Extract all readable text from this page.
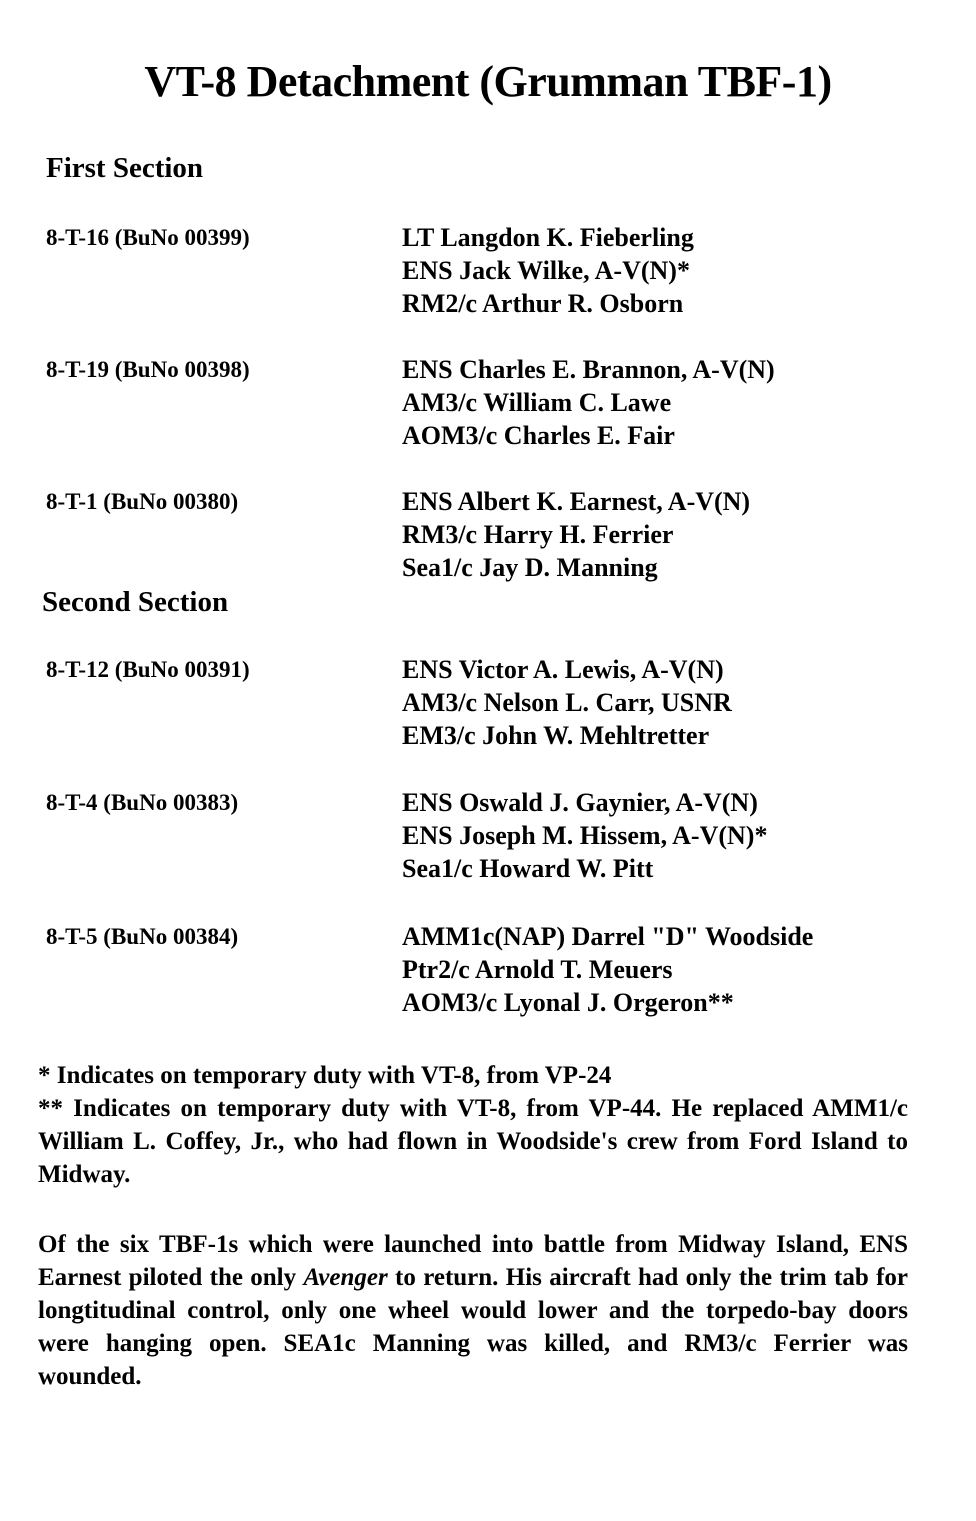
VT-8 Detachment (Grumman TBF-1)
First Section
8-T-16 (BuNo 00399)	LT Langdon K. Fieberling
ENS Jack Wilke, A-V(N)*
RM2/c Arthur R. Osborn
8-T-19 (BuNo 00398)	ENS Charles E. Brannon, A-V(N)
AM3/c William C. Lawe
AOM3/c Charles E. Fair
8-T-1 (BuNo 00380)	ENS Albert K. Earnest, A-V(N)
RM3/c Harry H. Ferrier
Sea1/c Jay D. Manning
Second Section
8-T-12 (BuNo 00391)	ENS Victor A. Lewis, A-V(N)
AM3/c Nelson L. Carr, USNR
EM3/c John W. Mehltretter
8-T-4 (BuNo 00383)	ENS Oswald J. Gaynier, A-V(N)
ENS Joseph M. Hissem, A-V(N)*
Sea1/c Howard W. Pitt
8-T-5 (BuNo 00384)	AMM1c(NAP) Darrel "D" Woodside
Ptr2/c Arnold T. Meuers
AOM3/c Lyonal J. Orgeron**
* Indicates on temporary duty with VT-8, from VP-24
** Indicates on temporary duty with VT-8, from VP-44. He replaced AMM1/c William L. Coffey, Jr., who had flown in Woodside's crew from Ford Island to Midway.
Of the six TBF-1s which were launched into battle from Midway Island, ENS Earnest piloted the only Avenger to return. His aircraft had only the trim tab for longtitudinal control, only one wheel would lower and the torpedo-bay doors were hanging open. SEA1c Manning was killed, and RM3/c Ferrier was wounded.
